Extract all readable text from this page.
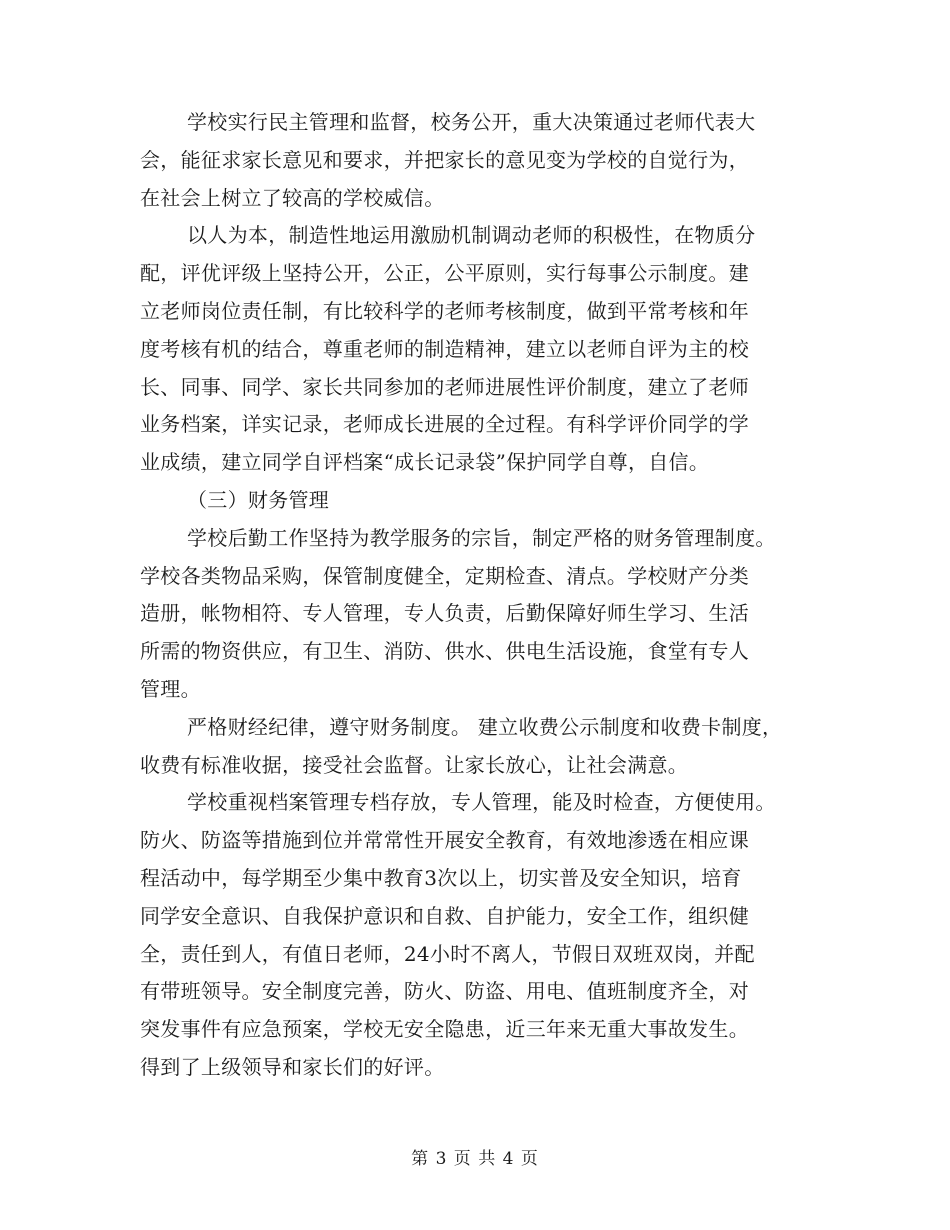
学校实行民主管理和监督，校务公开，重大决策通过老师代表大
会，能征求家长意见和要求，并把家长的意见变为学校的自觉行为，
在社会上树立了较高的学校威信。
以人为本，制造性地运用激励机制调动老师的积极性，在物质分
配，评优评级上坚持公开，公正，公平原则，实行每事公示制度。建
立老师岗位责任制，有比较科学的老师考核制度，做到平常考核和年
度考核有机的结合，尊重老师的制造精神，建立以老师自评为主的校
长、同事、同学、家长共同参加的老师进展性评价制度，建立了老师
业务档案，详实记录，老师成长进展的全过程。有科学评价同学的学
业成绩，建立同学自评档案“成长记录袋”保护同学自尊，自信。
（三）财务管理
学校后勤工作坚持为教学服务的宗旨，制定严格的财务管理制度。
学校各类物品采购，保管制度健全，定期检查、清点。学校财产分类
造册，帐物相符、专人管理，专人负责，后勤保障好师生学习、生活
所需的物资供应，有卫生、消防、供水、供电生活设施，食堂有专人
管理。
严格财经纪律，遵守财务制度。 建立收费公示制度和收费卡制度，
收费有标准收据，接受社会监督。让家长放心，让社会满意。
学校重视档案管理专档存放，专人管理，能及时检查，方便使用。
防火、防盗等措施到位并常常性开展安全教育，有效地渗透在相应课
程活动中，每学期至少集中教育3次以上，切实普及安全知识，培育
同学安全意识、自我保护意识和自救、自护能力，安全工作，组织健
全，责任到人，有值日老师，24小时不离人，节假日双班双岗，并配
有带班领导。安全制度完善，防火、防盗、用电、值班制度齐全，对
突发事件有应急预案，学校无安全隐患，近三年来无重大事故发生。
得到了上级领导和家长们的好评。
第 3 页 共 4 页
